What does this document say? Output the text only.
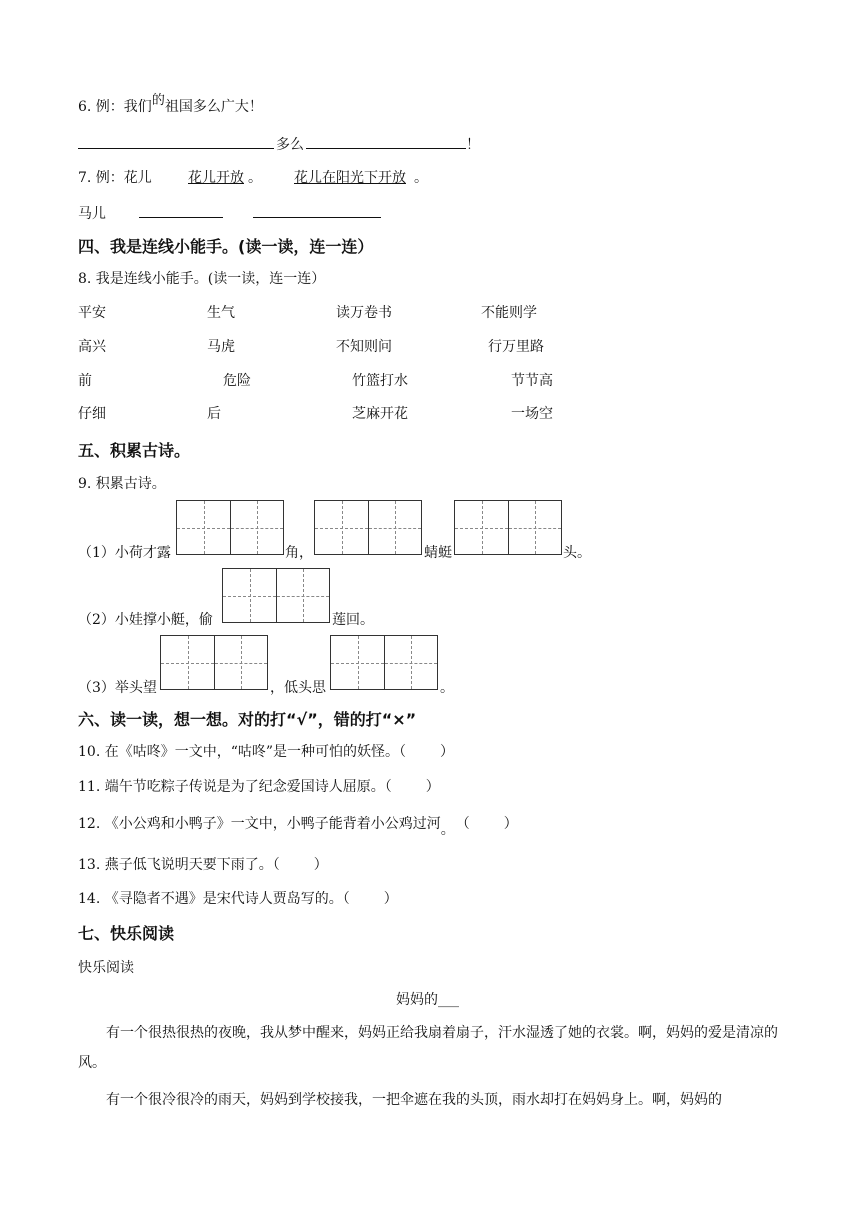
6. 例：我们的祖国多么广大！
多么	！
7. 例：花儿	花儿开放 。 花儿在阳光下开放 。
马儿
四、我是连线小能手。(读一读，连一连）
8. 我是连线小能手。(读一读，连一连）
平安	生气	读万卷书	不能则学
高兴	马虎	不知则问	行万里路
前	危险	竹篮打水	节节高
仔细	后	芝麻开花	一场空
五、积累古诗。
9. 积累古诗。
（1）小荷才露	角，	蜻蜓	头。
（2）小娃撑小艇，偷	莲回。
（3）举头望	，低头思	。
六、读一读，想一想。对的打“√”，错的打“×”
10. 在《咕咚》一文中，“咕咚”是一种可怕的妖怪。（ ）
11. 端午节吃粽子传说是为了纪念爱国诗人屈原。（ ）
12. 《小公鸡和小鸭子》一文中，小鸭子能背着小公鸡过河。 （ ）
13. 燕子低飞说明天要下雨了。（ ）
14. 《寻隐者不遇》是宋代诗人贾岛写的。（ ）
七、快乐阅读
快乐阅读
妈妈的___
有一个很热很热的夜晚，我从梦中醒来，妈妈正给我扇着扇子，汗水湿透了她的衣裳。啊，妈妈的爱是清凉的风。
有一个很冷很冷的雨天，妈妈到学校接我，一把伞遮在我的头顶，雨水却打在妈妈身上。啊，妈妈的
